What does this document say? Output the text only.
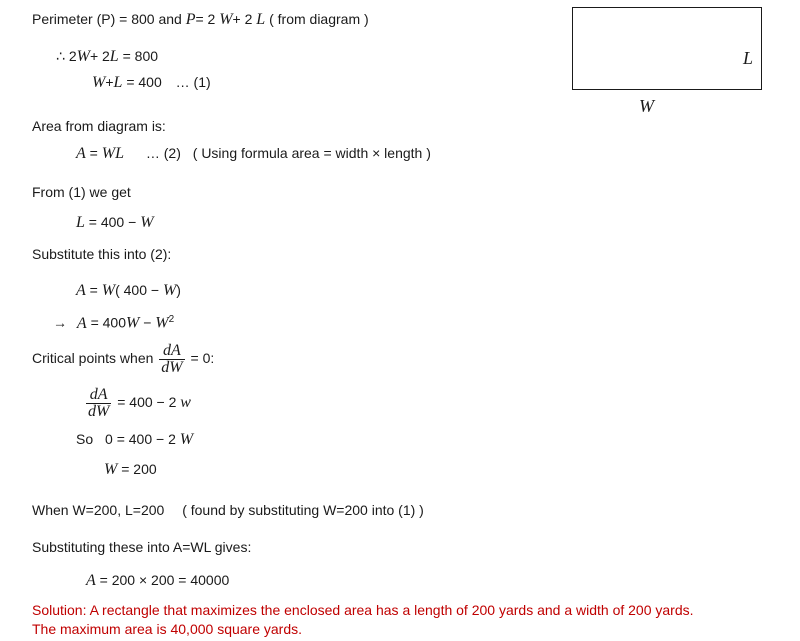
L
W
Perimeter (P) = 800 and P= 2 W+ 2 L ( from diagram )
∴ 2W+ 2L = 800
W+L = 400 … (1)
Area from diagram is:
A = WL … (2) ( Using formula area = width × length )
From (1) we get
L = 400 − W
Substitute this into (2):
A = W( 400 − W)
→ $A = 400W - W^2$
Critical points when $\frac{dA}{dW} = 0$:
$\frac{dA}{dW} = 400 - 2$ w
So 0 = 400 − 2 W
W = 200
When W=200, L=200 ( found by substituting W=200 into (1) )
Substituting these into A=WL gives:
A = 200 × 200 = 40000
Solution: A rectangle that maximizes the enclosed area has a length of 200 yards and a width of 200 yards.
The maximum area is 40,000 square yards.
